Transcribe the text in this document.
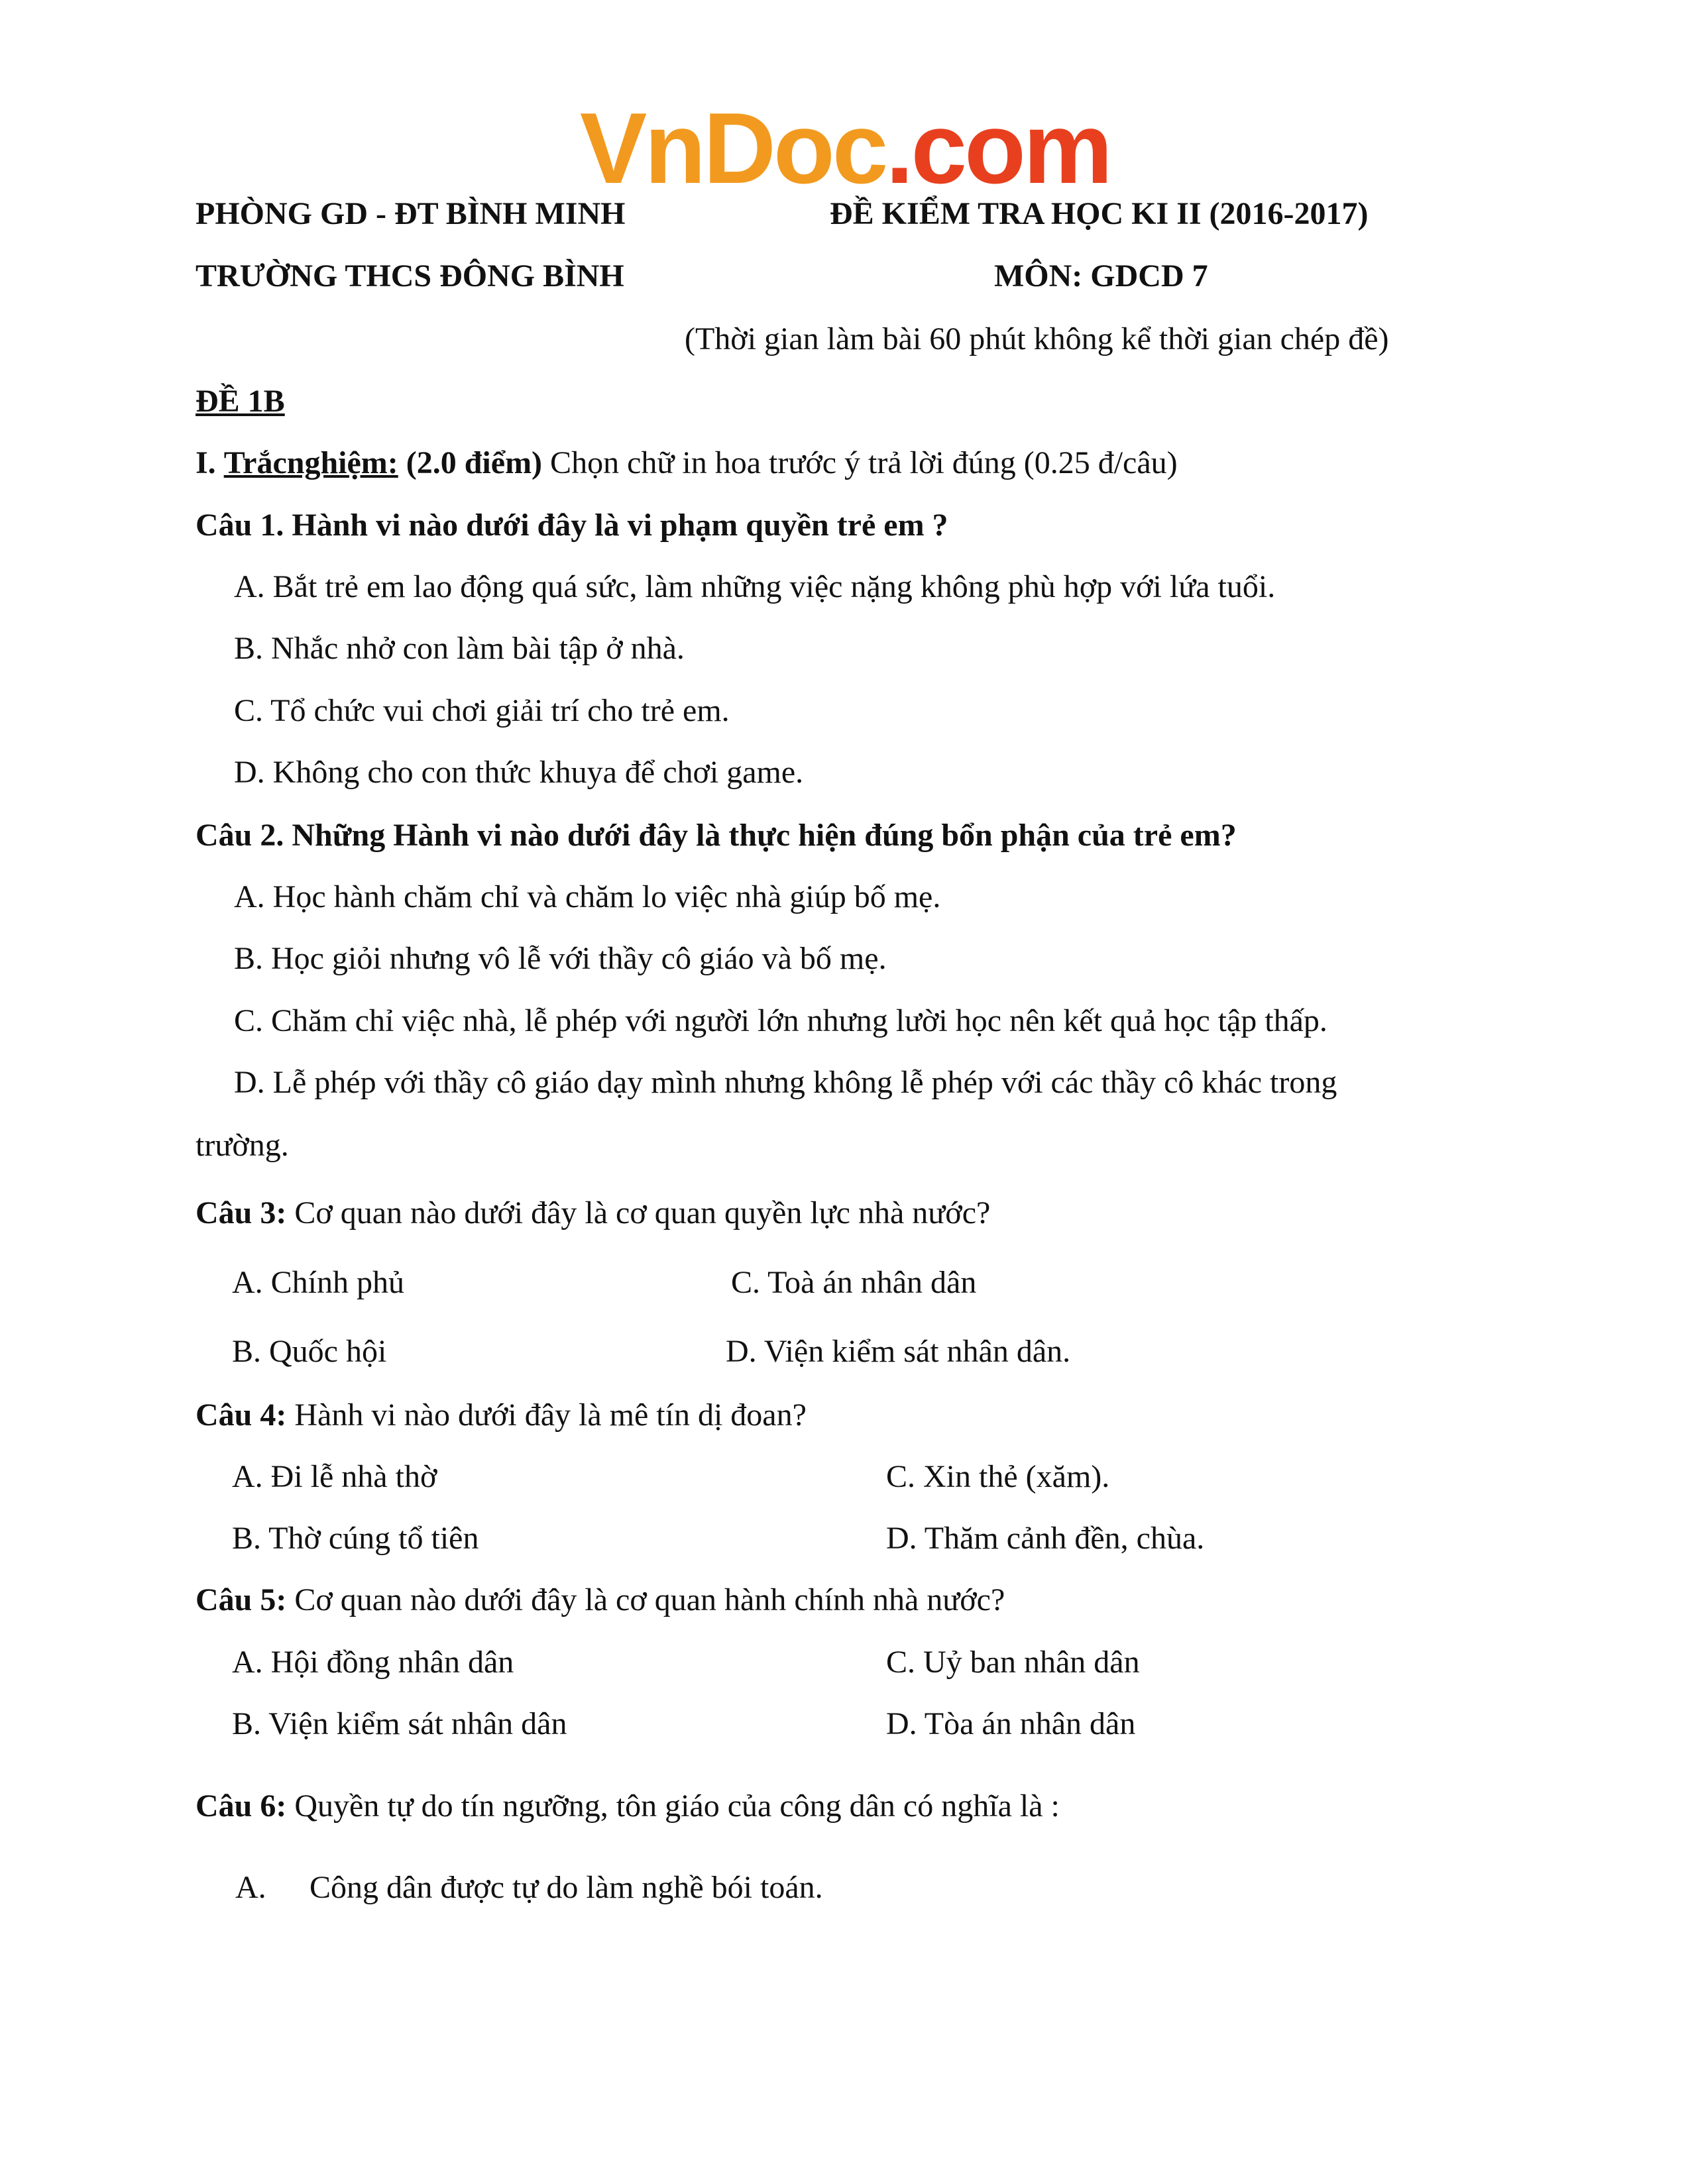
VnDoc.com
PHÒNG GD - ĐT BÌNH MINH	ĐỀ KIỂM TRA HỌC KI II (2016-2017)
TRƯỜNG THCS ĐÔNG BÌNH	MÔN: GDCD 7
(Thời gian làm bài 60 phút không kể thời gian chép đề)
ĐỀ 1B
I. Trắcnghiệm: (2.0 điểm) Chọn chữ in hoa trước ý trả lời đúng (0.25 đ/câu)
Câu 1. Hành vi nào dưới đây là vi phạm quyền trẻ em ?
A. Bắt trẻ em lao động quá sức, làm những việc nặng không phù hợp với lứa tuổi.
B. Nhắc nhở con làm bài tập ở nhà.
C. Tổ chức vui chơi giải trí cho trẻ em.
D. Không cho con thức khuya để chơi game.
Câu 2. Những Hành vi nào dưới đây là thực hiện đúng bổn phận của trẻ em?
A. Học hành chăm chỉ và chăm lo việc nhà giúp bố mẹ.
B. Học giỏi nhưng vô lễ với thầy cô giáo và bố mẹ.
C. Chăm chỉ việc nhà, lễ phép với người lớn nhưng lười học nên kết quả học tập thấp.
D. Lễ phép với thầy cô giáo dạy mình nhưng không lễ phép với các thầy cô khác trong
trường.
Câu 3: Cơ quan nào dưới đây là cơ quan quyền lực nhà nước?
A. Chính phủ	C. Toà án nhân dân
B. Quốc hội	D. Viện kiểm sát nhân dân.
Câu 4: Hành vi nào dưới đây là mê tín dị đoan?
A. Đi lễ nhà thờ	C. Xin thẻ (xăm).
B. Thờ cúng tổ tiên	D. Thăm cảnh đền, chùa.
Câu 5: Cơ quan nào dưới đây là cơ quan hành chính nhà nước?
A. Hội đồng nhân dân	C. Uỷ ban nhân dân
B. Viện kiểm sát nhân dân	D. Tòa án nhân dân
Câu 6: Quyền tự do tín ngưỡng, tôn giáo của công dân có nghĩa là :
A. Công dân được tự do làm nghề bói toán.
